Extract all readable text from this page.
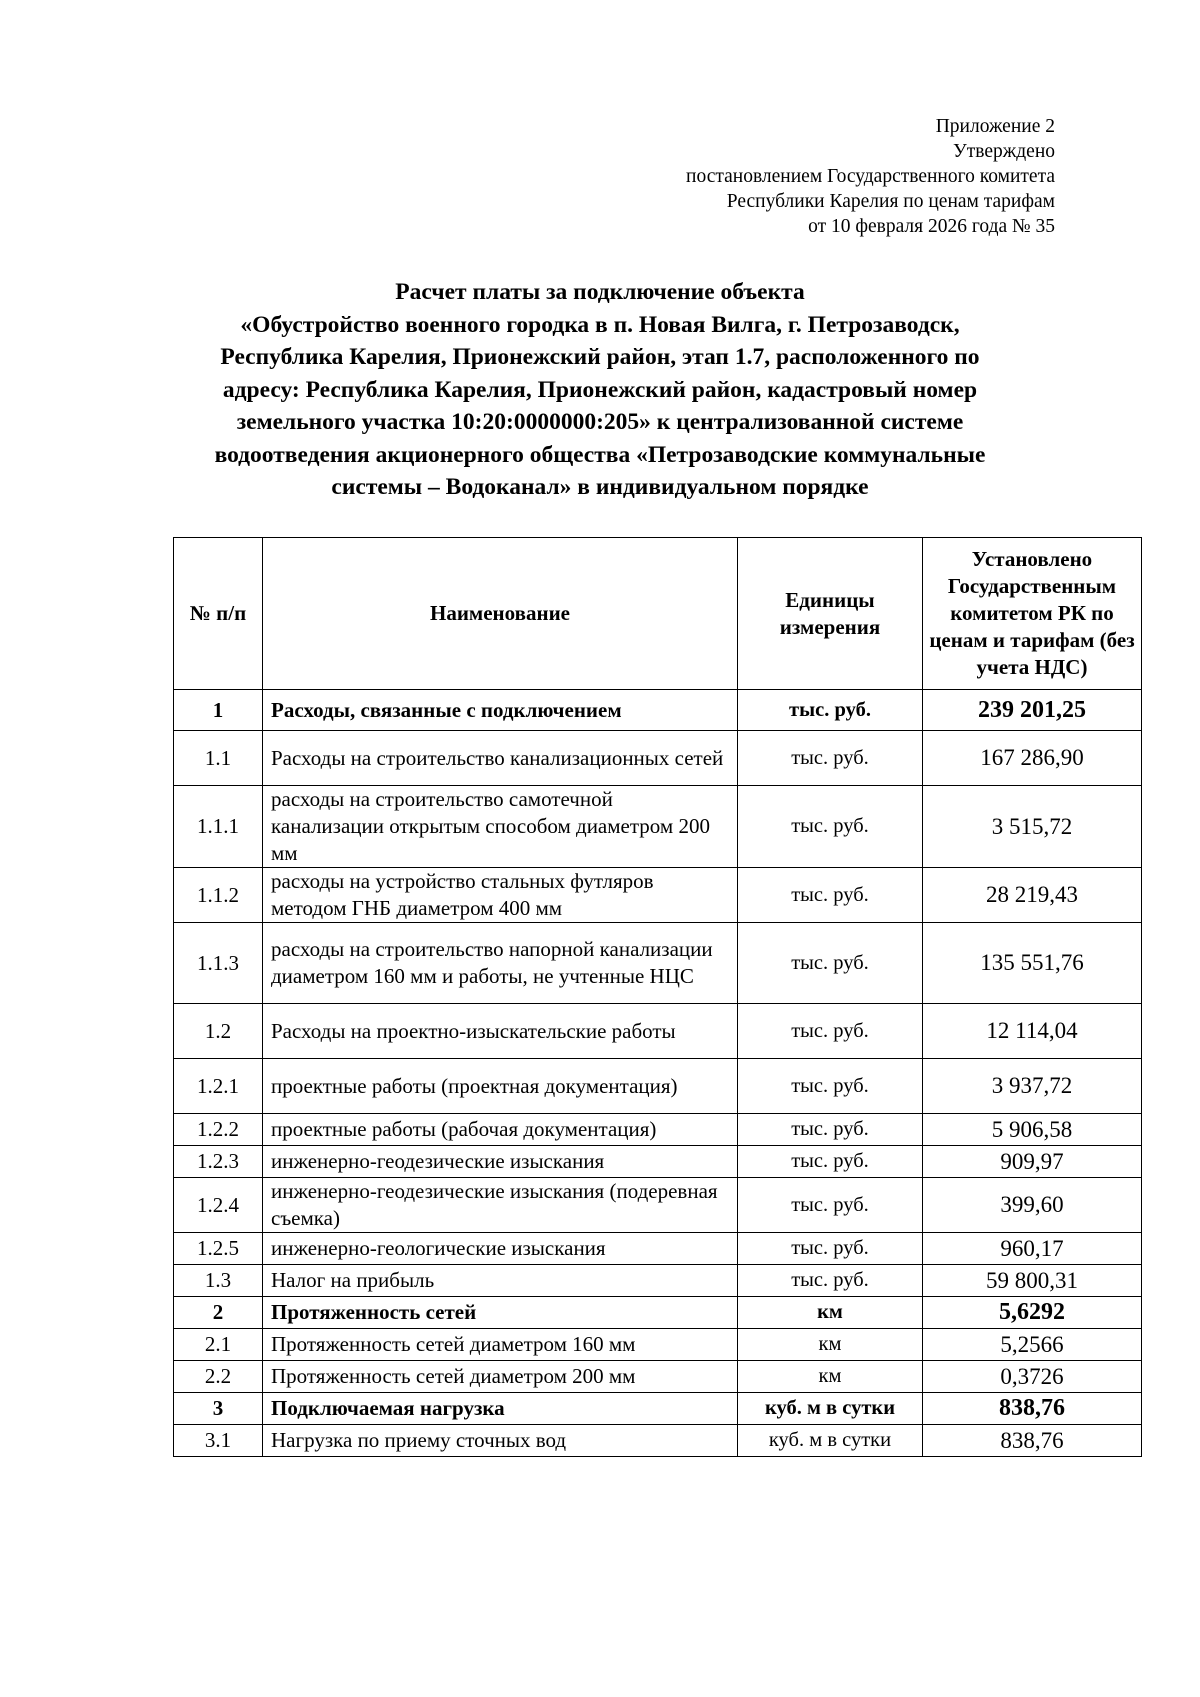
Приложение 2
Утверждено
постановлением Государственного комитета
Республики Карелия по ценам тарифам
от 10 февраля 2026 года № 35
Расчет платы за подключение объекта
«Обустройство военного городка в п. Новая Вилга, г. Петрозаводск,
Республика Карелия, Прионежский район, этап 1.7, расположенного по
адресу: Республика Карелия, Прионежский район, кадастровый номер
земельного участка 10:20:0000000:205» к централизованной системе
водоотведения акционерного общества «Петрозаводские коммунальные
системы – Водоканал» в индивидуальном порядке
№ п/п	Наименование	Единицы измерения	Установлено Государственным комитетом РК по ценам и тарифам (без учета НДС)
1	Расходы, связанные с подключением	тыс. руб.	239 201,25
1.1	Расходы на строительство канализационных сетей	тыс. руб.	167 286,90
1.1.1	расходы на строительство самотечной канализации открытым способом диаметром 200 мм	тыс. руб.	3 515,72
1.1.2	расходы на устройство стальных футляров методом ГНБ диаметром 400 мм	тыс. руб.	28 219,43
1.1.3	расходы на строительство напорной канализации диаметром 160 мм и работы, не учтенные НЦС	тыс. руб.	135 551,76
1.2	Расходы на проектно-изыскательские работы	тыс. руб.	12 114,04
1.2.1	проектные работы (проектная документация)	тыс. руб.	3 937,72
1.2.2	проектные работы (рабочая документация)	тыс. руб.	5 906,58
1.2.3	инженерно-геодезические изыскания	тыс. руб.	909,97
1.2.4	инженерно-геодезические изыскания (подеревная съемка)	тыс. руб.	399,60
1.2.5	инженерно-геологические изыскания	тыс. руб.	960,17
1.3	Налог на прибыль	тыс. руб.	59 800,31
2	Протяженность сетей	км	5,6292
2.1	Протяженность сетей диаметром 160 мм	км	5,2566
2.2	Протяженность сетей диаметром 200 мм	км	0,3726
3	Подключаемая нагрузка	куб. м в сутки	838,76
3.1	Нагрузка по приему сточных вод	куб. м в сутки	838,76
